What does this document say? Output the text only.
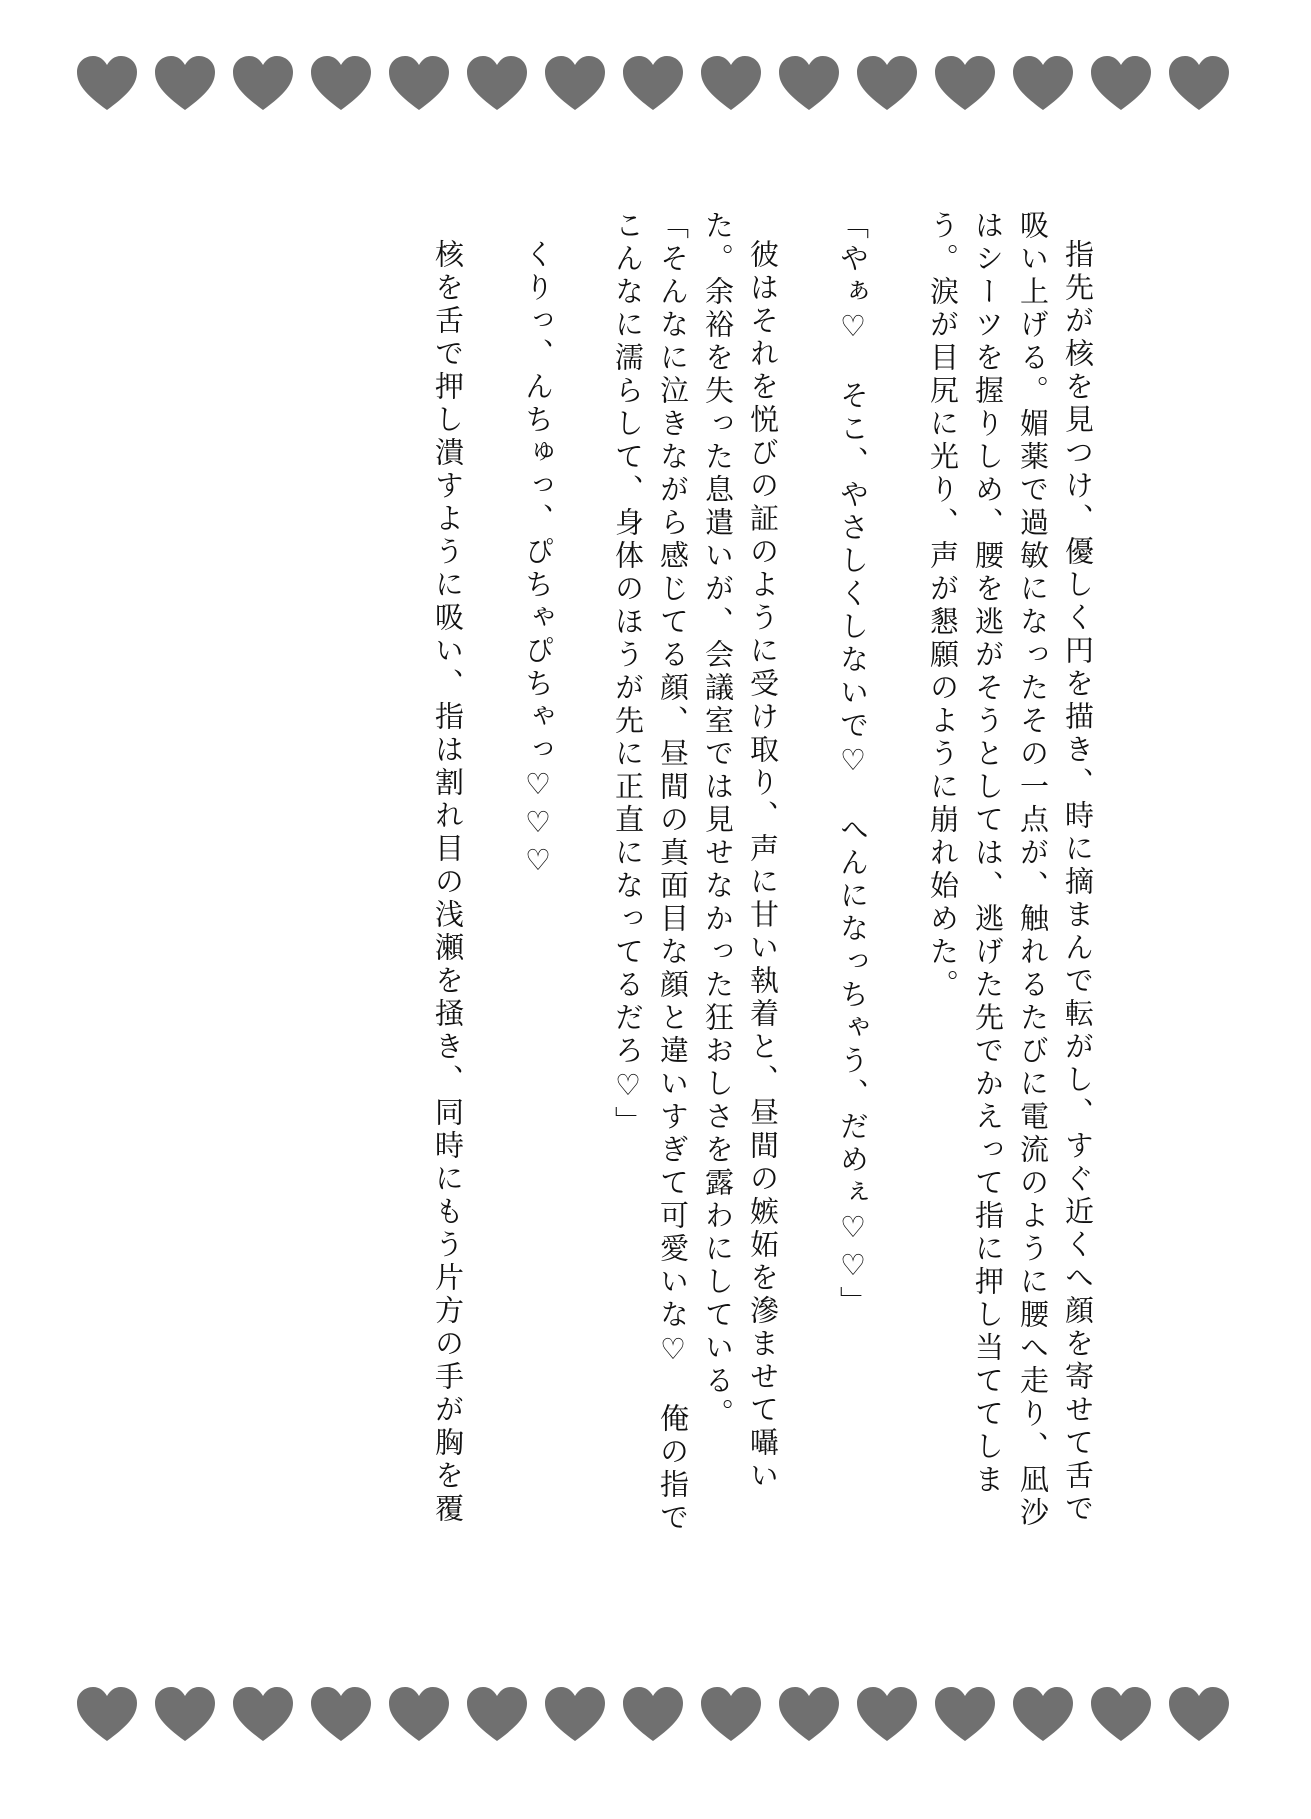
指先が核を見つけ、優しく円を描き、時に摘まんで転がし、すぐ近くへ顔を寄せて舌で吸い上げる。媚薬で過敏になったその一点が、触れるたびに電流のように腰へ走り、凪沙はシーツを握りしめ、腰を逃がそうとしては、逃げた先でかえって指に押し当ててしまう。涙が目尻に光り、声が懇願のように崩れ始めた。

「やぁ♡　そこ、やさしくしないで♡　へんになっちゃう、だめぇ♡♡」

彼はそれを悦びの証のように受け取り、声に甘い執着と、昼間の嫉妬を滲ませて囁いた。余裕を失った息遣いが、会議室では見せなかった狂おしさを露わにしている。

「そんなに泣きながら感じてる顔、昼間の真面目な顔と違いすぎて可愛いな♡　俺の指でこんなに濡らして、身体のほうが先に正直になってるだろ♡」

くりっ、んちゅっ、ぴちゃぴちゃっ♡♡♡

核を舌で押し潰すように吸い、指は割れ目の浅瀬を掻き、同時にもう片方の手が胸を覆
